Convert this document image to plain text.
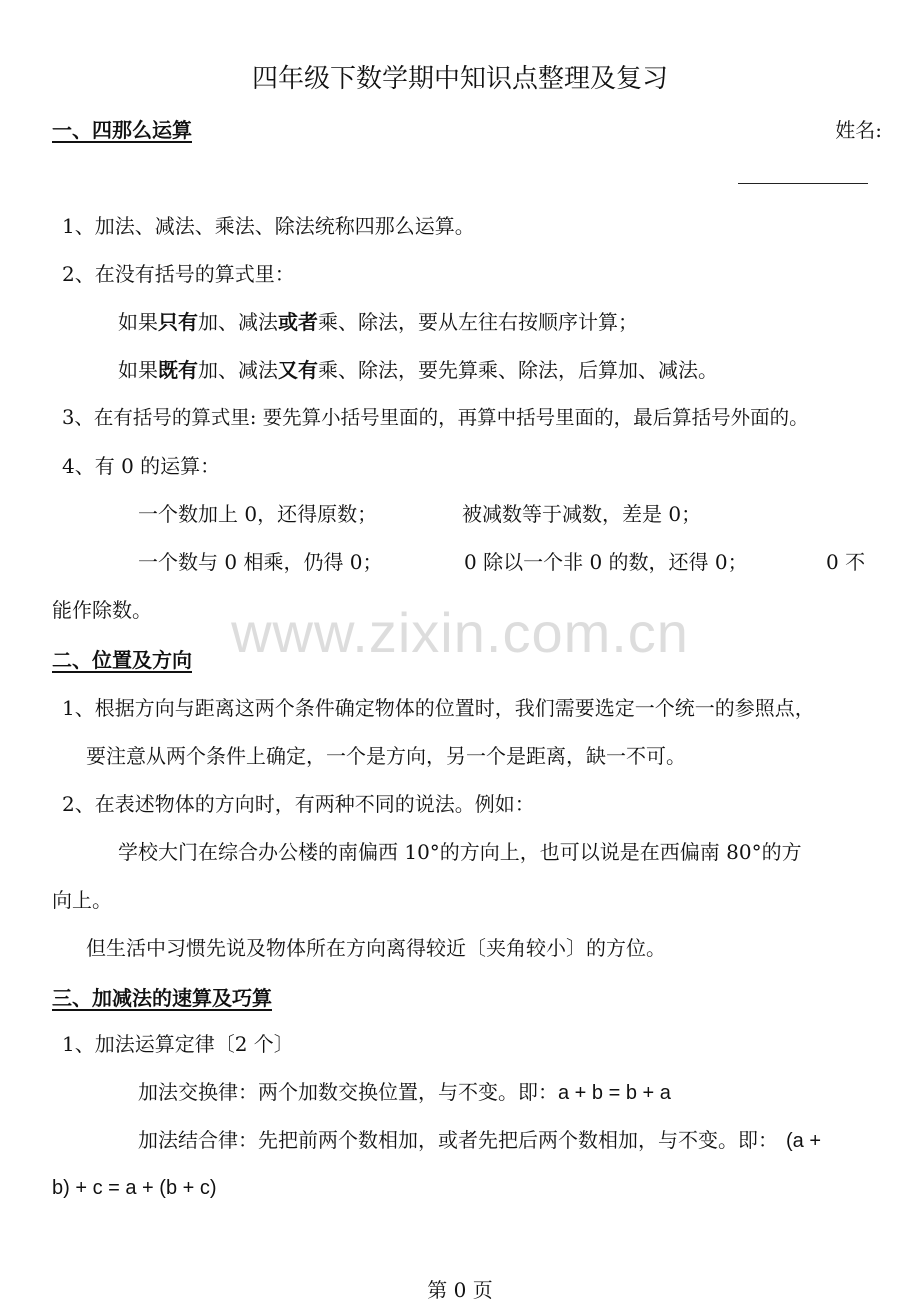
四年级下数学期中知识点整理及复习
一、四那么运算	姓名:
1、加法、减法、乘法、除法统称四那么运算。
2、在没有括号的算式里：
如果只有加、减法或者乘、除法，要从左往右按顺序计算；
如果既有加、减法又有乘、除法，要先算乘、除法，后算加、减法。
3、在有括号的算式里: 要先算小括号里面的，再算中括号里面的，最后算括号外面的。
4、有 0 的运算：
一个数加上 0，还得原数；	被减数等于减数，差是 0；
一个数与 0 相乘，仍得 0；	0 除以一个非 0 的数，还得 0；	0 不
能作除数。	www.zixin.com.cn
二、位置及方向
1、根据方向与距离这两个条件确定物体的位置时，我们需要选定一个统一的参照点，
要注意从两个条件上确定，一个是方向，另一个是距离，缺一不可。
2、在表述物体的方向时，有两种不同的说法。例如：
学校大门在综合办公楼的南偏西 10°的方向上，也可以说是在西偏南 80°的方
向上。
但生活中习惯先说及物体所在方向离得较近〔夹角较小〕的方位。
三、加减法的速算及巧算
1、加法运算定律〔2 个〕
加法交换律：两个加数交换位置，与不变。即：a + b = b + a
加法结合律：先把前两个数相加，或者先把后两个数相加，与不变。即： (a +
b) + c = a + (b + c)
第 0 页
